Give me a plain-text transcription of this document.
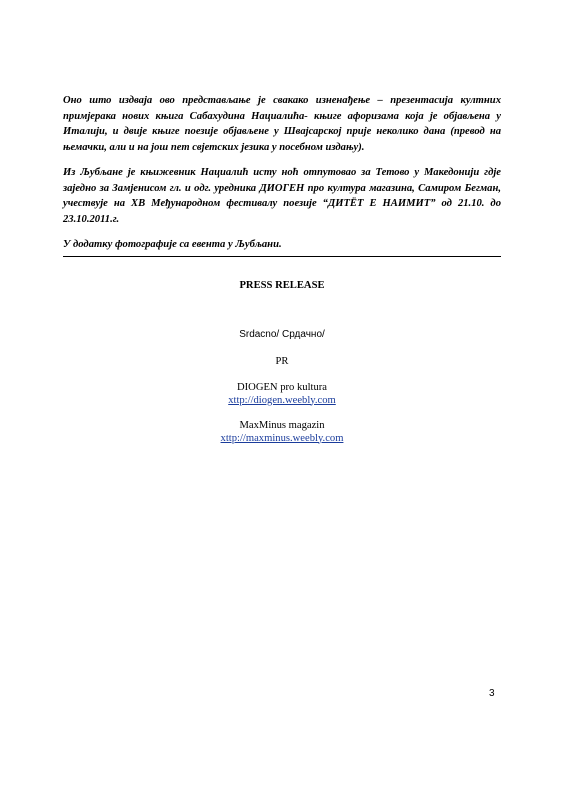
Оно што издваја ово представљање је свакако изненађење – презентасија култних примјерака нових књига Сабахудина Нациалића- књиге афоризама која је објављена у Италији, и двије књиге поезије објављене у Швајсарској прије неколико дана (превод на њемачки, али и на још пет свјетских језика у посебном издању).

Из Љубљане је књижевник Нациалић исту ноћ отпутовао за Тетово у Македонији гдје заједно за Замјенисом гл. и одг. уредника ДИОГЕН про култура магазина, Самиром Бегман, учествује на ХВ Међународном фестивалу поезије “ДИТЁТ Е НАИМИТ” од 21.10. до 23.10.2011.г.

У додатку фотографије са евента у Љубљани.

PRESS RELEASE

Srdacno/ Срдачно/

PR

DIOGEN pro kultura

xttp://diogen.weebly.com

MaxMinus magazin

xttp://maxminus.weebly.com

3
